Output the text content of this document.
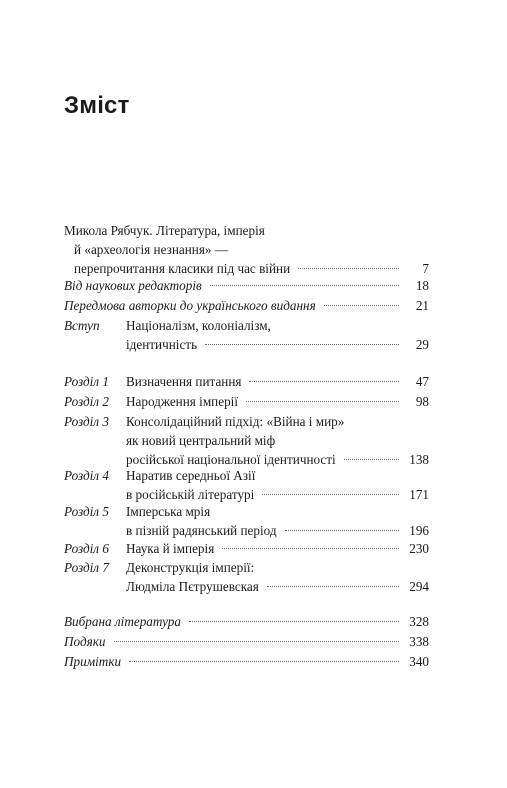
Зміст
Микола Рябчук. Література, імперія
й «археологія незнання» —
перепрочитання класики під час війни	7
Від наукових редакторів	18
Передмова авторки до українського видання	21
Вступ Націоналізм, колоніалізм,
ідентичність	29
Розділ 1 Визначення питання	47
Розділ 2 Народження імперії	98
Розділ 3 Консолідаційний підхід: «Війна і мир»
як новий центральний міф
російської національної ідентичності	138
Розділ 4 Наратив середньої Азії
в російській літературі	171
Розділ 5 Імперська мрія
в пізній радянський період	196
Розділ 6 Наука й імперія	230
Розділ 7 Деконструкція імперії:
Людміла Пєтрушевская	294
Вибрана література	328
Подяки	338
Примітки	340
